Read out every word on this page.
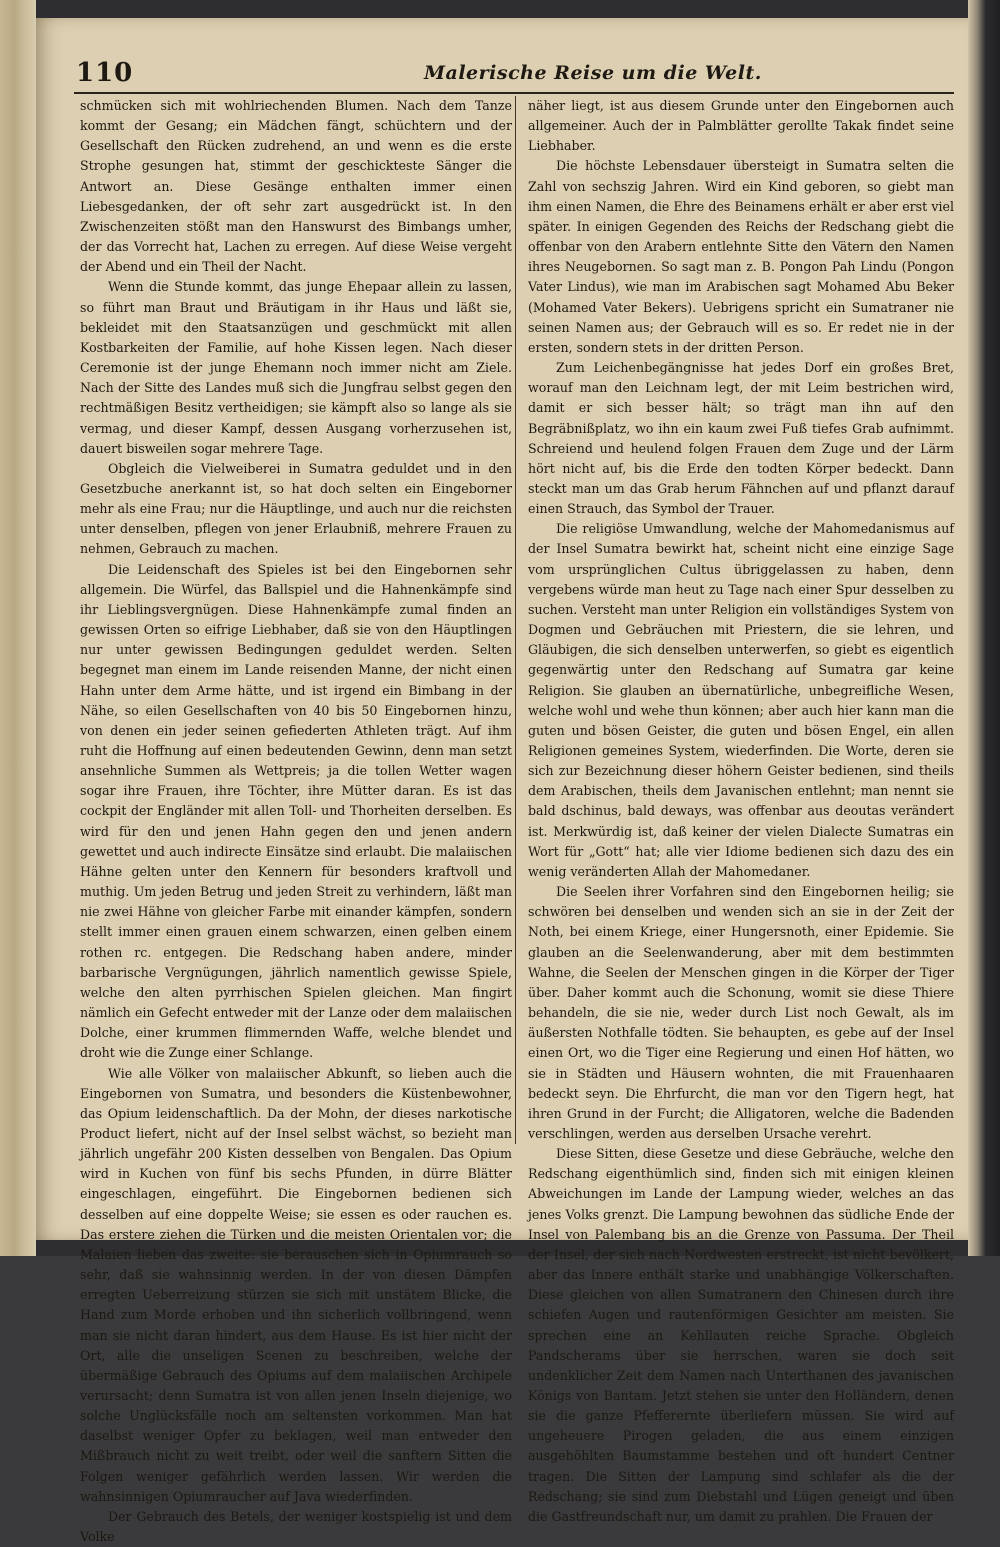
110	Malerische Reise um die Welt.

schmücken sich mit wohlriechenden Blumen. Nach dem Tanze kommt der Gesang; ein Mädchen fängt, schüchtern und der Gesellschaft den Rücken zudrehend, an und wenn es die erste Strophe gesungen hat, stimmt der geschickteste Sänger die Antwort an. Diese Gesänge enthalten immer einen Liebesgedanken, der oft sehr zart ausgedrückt ist. In den Zwischenzeiten stößt man den Hanswurst des Bimbangs umher, der das Vorrecht hat, Lachen zu erregen. Auf diese Weise vergeht der Abend und ein Theil der Nacht.

Wenn die Stunde kommt, das junge Ehepaar allein zu lassen, so führt man Braut und Bräutigam in ihr Haus und läßt sie, bekleidet mit den Staatsanzügen und geschmückt mit allen Kostbarkeiten der Familie, auf hohe Kissen legen. Nach dieser Ceremonie ist der junge Ehemann noch immer nicht am Ziele. Nach der Sitte des Landes muß sich die Jungfrau selbst gegen den rechtmäßigen Besitz vertheidigen; sie kämpft also so lange als sie vermag, und dieser Kampf, dessen Ausgang vorherzusehen ist, dauert bisweilen sogar mehrere Tage.

Obgleich die Vielweiberei in Sumatra geduldet und in den Gesetzbuche anerkannt ist, so hat doch selten ein Eingeborner mehr als eine Frau; nur die Häuptlinge, und auch nur die reichsten unter denselben, pflegen von jener Erlaubniß, mehrere Frauen zu nehmen, Gebrauch zu machen.

Die Leidenschaft des Spieles ist bei den Eingebornen sehr allgemein. Die Würfel, das Ballspiel und die Hahnenkämpfe sind ihr Lieblingsvergnügen. Diese Hahnenkämpfe zumal finden an gewissen Orten so eifrige Liebhaber, daß sie von den Häuptlingen nur unter gewissen Bedingungen geduldet werden. Selten begegnet man einem im Lande reisenden Manne, der nicht einen Hahn unter dem Arme hätte, und ist irgend ein Bimbang in der Nähe, so eilen Gesellschaften von 40 bis 50 Eingebornen hinzu, von denen ein jeder seinen gefiederten Athleten trägt. Auf ihm ruht die Hoffnung auf einen bedeutenden Gewinn, denn man setzt ansehnliche Summen als Wettpreis; ja die tollen Wetter wagen sogar ihre Frauen, ihre Töchter, ihre Mütter daran. Es ist das cockpit der Engländer mit allen Toll- und Thorheiten derselben. Es wird für den und jenen Hahn gegen den und jenen andern gewettet und auch indirecte Einsätze sind erlaubt. Die malaiischen Hähne gelten unter den Kennern für besonders kraftvoll und muthig. Um jeden Betrug und jeden Streit zu verhindern, läßt man nie zwei Hähne von gleicher Farbe mit einander kämpfen, sondern stellt immer einen grauen einem schwarzen, einen gelben einem rothen rc. entgegen. Die Redschang haben andere, minder barbarische Vergnügungen, jährlich namentlich gewisse Spiele, welche den alten pyrrhischen Spielen gleichen. Man fingirt nämlich ein Gefecht entweder mit der Lanze oder dem malaiischen Dolche, einer krummen flimmernden Waffe, welche blendet und droht wie die Zunge einer Schlange.

Wie alle Völker von malaiischer Abkunft, so lieben auch die Eingebornen von Sumatra, und besonders die Küstenbewohner, das Opium leidenschaftlich. Da der Mohn, der dieses narkotische Product liefert, nicht auf der Insel selbst wächst, so bezieht man jährlich ungefähr 200 Kisten desselben von Bengalen. Das Opium wird in Kuchen von fünf bis sechs Pfunden, in dürre Blätter eingeschlagen, eingeführt. Die Eingebornen bedienen sich desselben auf eine doppelte Weise; sie essen es oder rauchen es. Das erstere ziehen die Türken und die meisten Orientalen vor; die Malaien lieben das zweite: sie berauschen sich in Opiumrauch so sehr, daß sie wahnsinnig werden. In der von diesen Dämpfen erregten Ueberreizung stürzen sie sich mit unstätem Blicke, die Hand zum Morde erhoben und ihn sicherlich vollbringend, wenn man sie nicht daran hindert, aus dem Hause. Es ist hier nicht der Ort, alle die unseligen Scenen zu beschreiben, welche der übermäßige Gebrauch des Opiums auf dem malaiischen Archipele verursacht; denn Sumatra ist von allen jenen Inseln diejenige, wo solche Unglücksfälle noch am seltensten vorkommen. Man hat daselbst weniger Opfer zu beklagen, weil man entweder den Mißbrauch nicht zu weit treibt, oder weil die sanftern Sitten die Folgen weniger gefährlich werden lassen. Wir werden die wahnsinnigen Opiumraucher auf Java wiederfinden.

Der Gebrauch des Betels, der weniger kostspielig ist und dem Volke

näher liegt, ist aus diesem Grunde unter den Eingebornen auch allgemeiner. Auch der in Palmblätter gerollte Takak findet seine Liebhaber.

Die höchste Lebensdauer übersteigt in Sumatra selten die Zahl von sechszig Jahren. Wird ein Kind geboren, so giebt man ihm einen Namen, die Ehre des Beinamens erhält er aber erst viel später. In einigen Gegenden des Reichs der Redschang giebt die offenbar von den Arabern entlehnte Sitte den Vätern den Namen ihres Neugebornen. So sagt man z. B. Pongon Pah Lindu (Pongon Vater Lindus), wie man im Arabischen sagt Mohamed Abu Beker (Mohamed Vater Bekers). Uebrigens spricht ein Sumatraner nie seinen Namen aus; der Gebrauch will es so. Er redet nie in der ersten, sondern stets in der dritten Person.

Zum Leichenbegängnisse hat jedes Dorf ein großes Bret, worauf man den Leichnam legt, der mit Leim bestrichen wird, damit er sich besser hält; so trägt man ihn auf den Begräbnißplatz, wo ihn ein kaum zwei Fuß tiefes Grab aufnimmt. Schreiend und heulend folgen Frauen dem Zuge und der Lärm hört nicht auf, bis die Erde den todten Körper bedeckt. Dann steckt man um das Grab herum Fähnchen auf und pflanzt darauf einen Strauch, das Symbol der Trauer.

Die religiöse Umwandlung, welche der Mahomedanismus auf der Insel Sumatra bewirkt hat, scheint nicht eine einzige Sage vom ursprünglichen Cultus übriggelassen zu haben, denn vergebens würde man heut zu Tage nach einer Spur desselben zu suchen. Versteht man unter Religion ein vollständiges System von Dogmen und Gebräuchen mit Priestern, die sie lehren, und Gläubigen, die sich denselben unterwerfen, so giebt es eigentlich gegenwärtig unter den Redschang auf Sumatra gar keine Religion. Sie glauben an übernatürliche, unbegreifliche Wesen, welche wohl und wehe thun können; aber auch hier kann man die guten und bösen Geister, die guten und bösen Engel, ein allen Religionen gemeines System, wiederfinden. Die Worte, deren sie sich zur Bezeichnung dieser höhern Geister bedienen, sind theils dem Arabischen, theils dem Javanischen entlehnt; man nennt sie bald dschinus, bald deways, was offenbar aus deoutas verändert ist. Merkwürdig ist, daß keiner der vielen Dialecte Sumatras ein Wort für „Gott“ hat; alle vier Idiome bedienen sich dazu des ein wenig veränderten Allah der Mahomedaner.

Die Seelen ihrer Vorfahren sind den Eingebornen heilig; sie schwören bei denselben und wenden sich an sie in der Zeit der Noth, bei einem Kriege, einer Hungersnoth, einer Epidemie. Sie glauben an die Seelenwanderung, aber mit dem bestimmten Wahne, die Seelen der Menschen gingen in die Körper der Tiger über. Daher kommt auch die Schonung, womit sie diese Thiere behandeln, die sie nie, weder durch List noch Gewalt, als im äußersten Nothfalle tödten. Sie behaupten, es gebe auf der Insel einen Ort, wo die Tiger eine Regierung und einen Hof hätten, wo sie in Städten und Häusern wohnten, die mit Frauenhaaren bedeckt seyn. Die Ehrfurcht, die man vor den Tigern hegt, hat ihren Grund in der Furcht; die Alligatoren, welche die Badenden verschlingen, werden aus derselben Ursache verehrt.

Diese Sitten, diese Gesetze und diese Gebräuche, welche den Redschang eigenthümlich sind, finden sich mit einigen kleinen Abweichungen im Lande der Lampung wieder, welches an das jenes Volks grenzt. Die Lampung bewohnen das südliche Ende der Insel von Palembang bis an die Grenze von Passuma. Der Theil der Insel, der sich nach Nordwesten erstreckt, ist nicht bevölkert, aber das Innere enthält starke und unabhängige Völkerschaften. Diese gleichen von allen Sumatranern den Chinesen durch ihre schiefen Augen und rautenförmigen Gesichter am meisten. Sie sprechen eine an Kehllauten reiche Sprache. Obgleich Pandscherams über sie herrschen, waren sie doch seit undenklicher Zeit dem Namen nach Unterthanen des javanischen Königs von Bantam. Jetzt stehen sie unter den Holländern, denen sie die ganze Pfefferernte überliefern müssen. Sie wird auf ungeheuere Pirogen geladen, die aus einem einzigen ausgehöhlten Baumstamme bestehen und oft hundert Centner tragen. Die Sitten der Lampung sind schlafer als die der Redschang; sie sind zum Diebstahl und Lügen geneigt und üben die Gastfreundschaft nur, um damit zu prahlen. Die Frauen der
